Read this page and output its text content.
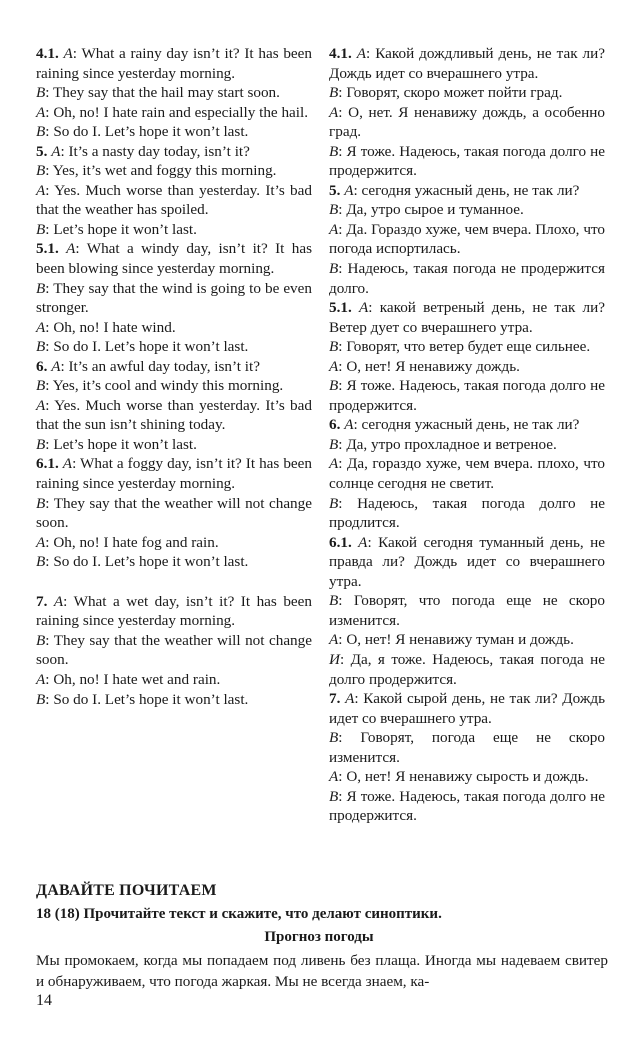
4.1. A: What a rainy day isn’t it? It has been raining since yesterday morning.

B: They say that the hail may start soon.

A: Oh, no! I hate rain and especially the hail.

B: So do I. Let’s hope it won’t last.

5. A: It’s a nasty day today, isn’t it?

B: Yes, it’s wet and foggy this morning.

A: Yes. Much worse than yesterday. It’s bad that the weather has spoiled.

B: Let’s hope it won’t last.

5.1. A: What a windy day, isn’t it? It has been blowing since yesterday morning.

B: They say that the wind is going to be even stronger.

A: Oh, no! I hate wind.

B: So do I. Let’s hope it won’t last.

6. A: It’s an awful day today, isn’t it?

B: Yes, it’s cool and windy this morning.

A: Yes. Much worse than yesterday. It’s bad that the sun isn’t shining today.

B: Let’s hope it won’t last.

6.1. A: What a foggy day, isn’t it? It has been raining since yesterday morning.

B: They say that the weather will not change soon.

A: Oh, no! I hate fog and rain.

B: So do I. Let’s hope it won’t last.

7. A: What a wet day, isn’t it? It has been raining since yesterday morning.

B: They say that the weather will not change soon.

A: Oh, no! I hate wet and rain.

B: So do I. Let’s hope it won’t last.

4.1. А: Какой дождливый день, не так ли? Дождь идет со вчерашнего утра.

В: Говорят, скоро может пойти град.

А: О, нет. Я ненавижу дождь, а особенно град.

В: Я тоже. Надеюсь, такая погода долго не продержится.

5. А: сегодня ужасный день, не так ли?

В: Да, утро сырое и туманное.

А: Да. Гораздо хуже, чем вчера. Плохо, что погода испортилась.

В: Надеюсь, такая погода не продержится долго.

5.1. А: какой ветреный день, не так ли? Ветер дует со вчерашнего утра.

В: Говорят, что ветер будет еще сильнее.

А: О, нет! Я ненавижу дождь.

В: Я тоже. Надеюсь, такая погода долго не продержится.

6. А: сегодня ужасный день, не так ли?

В: Да, утро прохладное и ветреное.

А: Да, гораздо хуже, чем вчера. плохо, что солнце сегодня не светит.

В: Надеюсь, такая погода долго не продлится.

6.1. А: Какой сегодня туманный день, не правда ли? Дождь идет со вчерашнего утра.

В: Говорят, что погода еще не скоро изменится.

А: О, нет! Я ненавижу туман и дождь.

И: Да, я тоже. Надеюсь, такая погода не долго продержится.

7. А: Какой сырой день, не так ли? Дождь идет со вчерашнего утра.

В: Говорят, погода еще не скоро изменится.

А: О, нет! Я ненавижу сырость и дождь.

В: Я тоже. Надеюсь, такая погода долго не продержится.

ДАВАЙТЕ ПОЧИТАЕМ
18 (18) Прочитайте текст и скажите, что делают синоптики.
Прогноз погоды
Мы промокаем, когда мы попадаем под ливень без плаща. Иногда мы надеваем свитер и обнаруживаем, что погода жаркая. Мы не всегда знаем, ка-
14
